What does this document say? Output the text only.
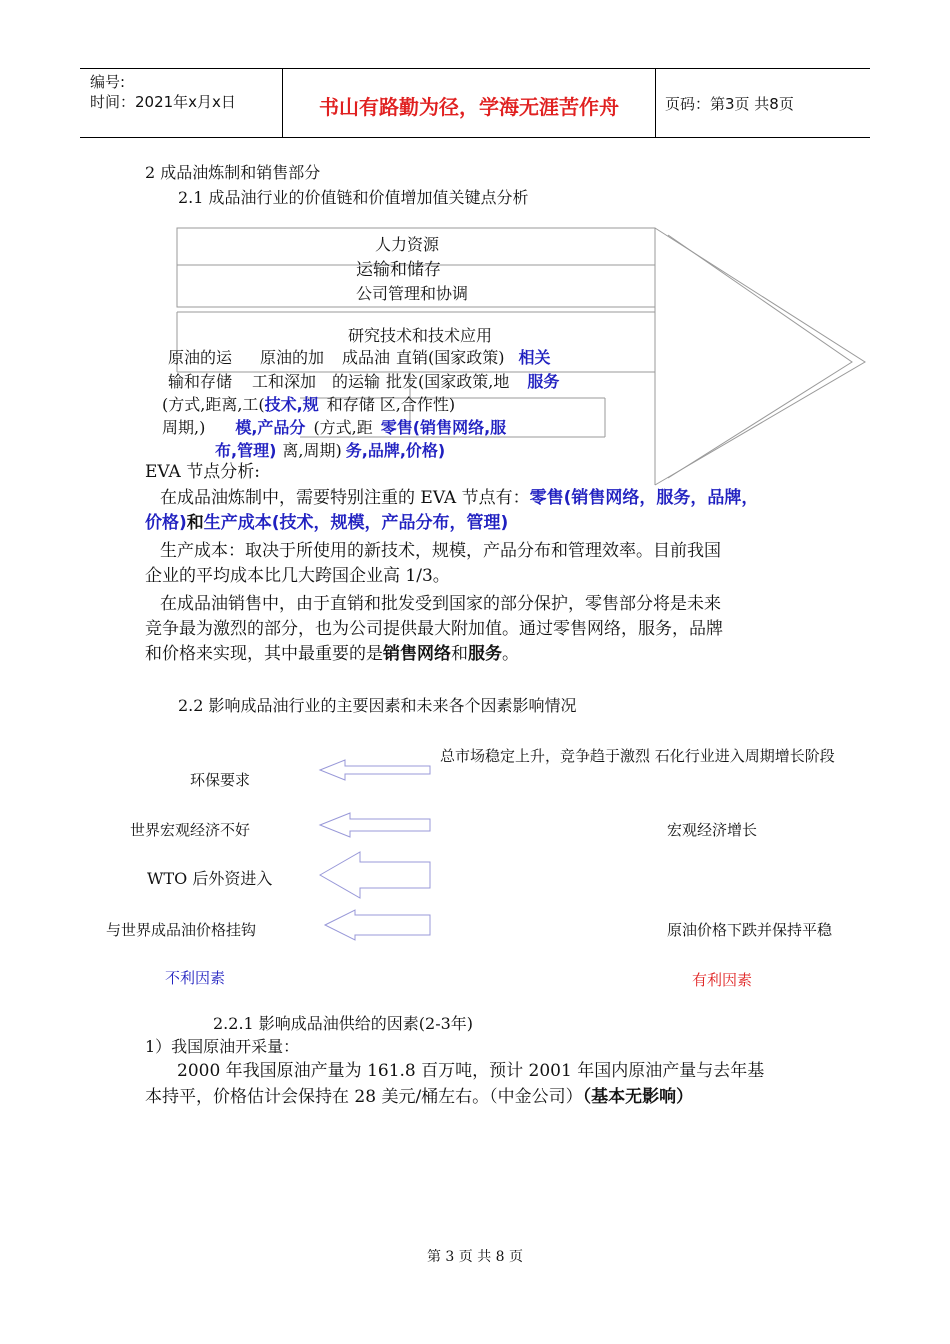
编号:
时间：2021年x月x日	书山有路勤为径，学海无涯苦作舟	页码：第3页 共8页
2 成品油炼制和销售部分
2.1 成品油行业的价值链和价值增加值关键点分析
人力资源
运输和储存
公司管理和协调
研究技术和技术应用
原油的运 原油的加 成品油 直销(国家政策) 相关
输和存储 工和深加 的运输 批发(国家政策,地 服务
(方式,距离,工(技术,规 和存储 区,合作性)
周期,) 模,产品分 (方式,距 零售(销售网络,服
布,管理) 离,周期) 务,品牌,价格)
EVA 节点分析:
在成品油炼制中，需要特别注重的 EVA 节点有：零售(销售网络，服务，品牌，
价格)和生产成本(技术，规模，产品分布，管理)
生产成本：取决于所使用的新技术，规模，产品分布和管理效率。目前我国
企业的平均成本比几大跨国企业高 1/3。
在成品油销售中，由于直销和批发受到国家的部分保护，零售部分将是未来
竞争最为激烈的部分，也为公司提供最大附加值。通过零售网络，服务，品牌
和价格来实现，其中最重要的是销售网络和服务。
2.2 影响成品油行业的主要因素和未来各个因素影响情况
总市场稳定上升，竞争趋于激烈 石化行业进入周期增长阶段
环保要求
世界宏观经济不好
WTO 后外资进入
与世界成品油价格挂钩
宏观经济增长
原油价格下跌并保持平稳
不利因素	有利因素
2.2.1 影响成品油供给的因素(2-3年)
1）我国原油开采量：
2000 年我国原油产量为 161.8 百万吨，预计 2001 年国内原油产量与去年基
本持平，价格估计会保持在 28 美元/桶左右。（中金公司）（基本无影响）
第 3 页 共 8 页
